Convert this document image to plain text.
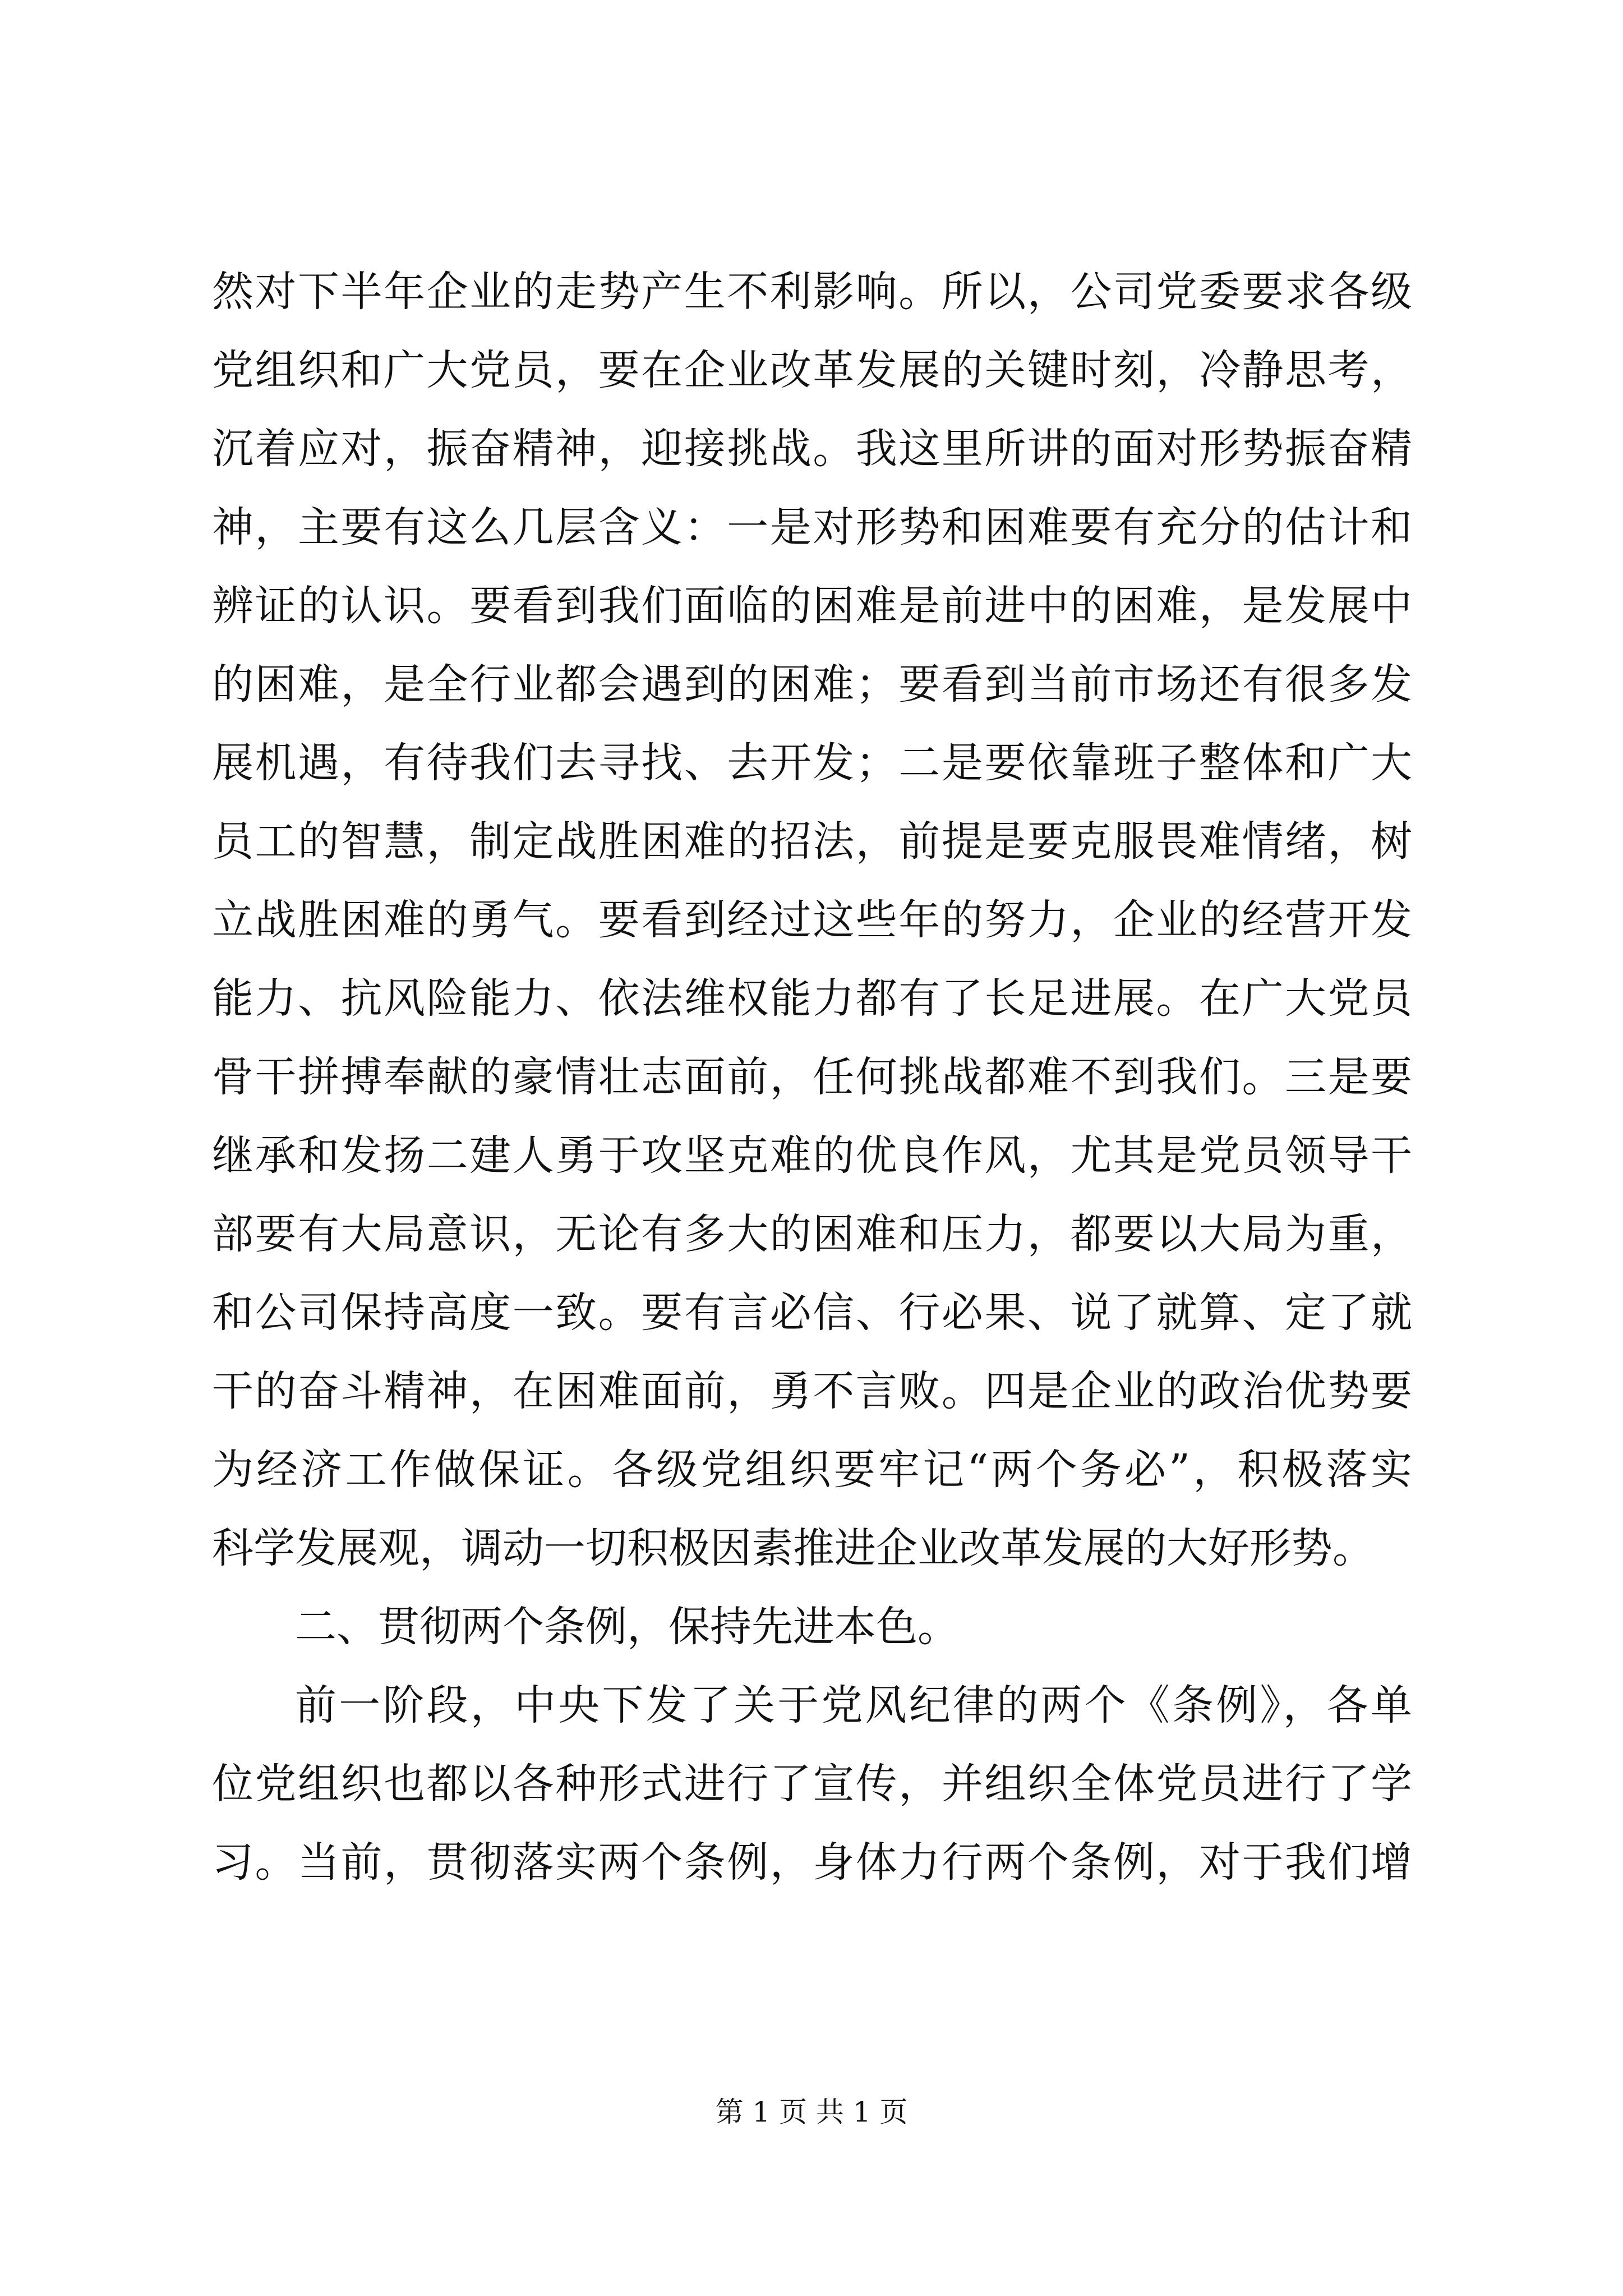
然对下半年企业的走势产生不利影响。所以，公司党委要求各级
党组织和广大党员，要在企业改革发展的关键时刻，冷静思考，
沉着应对，振奋精神，迎接挑战。我这里所讲的面对形势振奋精
神，主要有这么几层含义：一是对形势和困难要有充分的估计和
辨证的认识。要看到我们面临的困难是前进中的困难，是发展中
的困难，是全行业都会遇到的困难；要看到当前市场还有很多发
展机遇，有待我们去寻找、去开发；二是要依靠班子整体和广大
员工的智慧，制定战胜困难的招法，前提是要克服畏难情绪，树
立战胜困难的勇气。要看到经过这些年的努力，企业的经营开发
能力、抗风险能力、依法维权能力都有了长足进展。在广大党员
骨干拼搏奉献的豪情壮志面前，任何挑战都难不到我们。三是要
继承和发扬二建人勇于攻坚克难的优良作风，尤其是党员领导干
部要有大局意识，无论有多大的困难和压力，都要以大局为重，
和公司保持高度一致。要有言必信、行必果、说了就算、定了就
干的奋斗精神，在困难面前，勇不言败。四是企业的政治优势要
为经济工作做保证。各级党组织要牢记“两个务必”，积极落实
科学发展观，调动一切积极因素推进企业改革发展的大好形势。
二、贯彻两个条例，保持先进本色。
前一阶段，中央下发了关于党风纪律的两个《条例》，各单
位党组织也都以各种形式进行了宣传，并组织全体党员进行了学
习。当前，贯彻落实两个条例，身体力行两个条例，对于我们增
第 1 页 共 1 页
